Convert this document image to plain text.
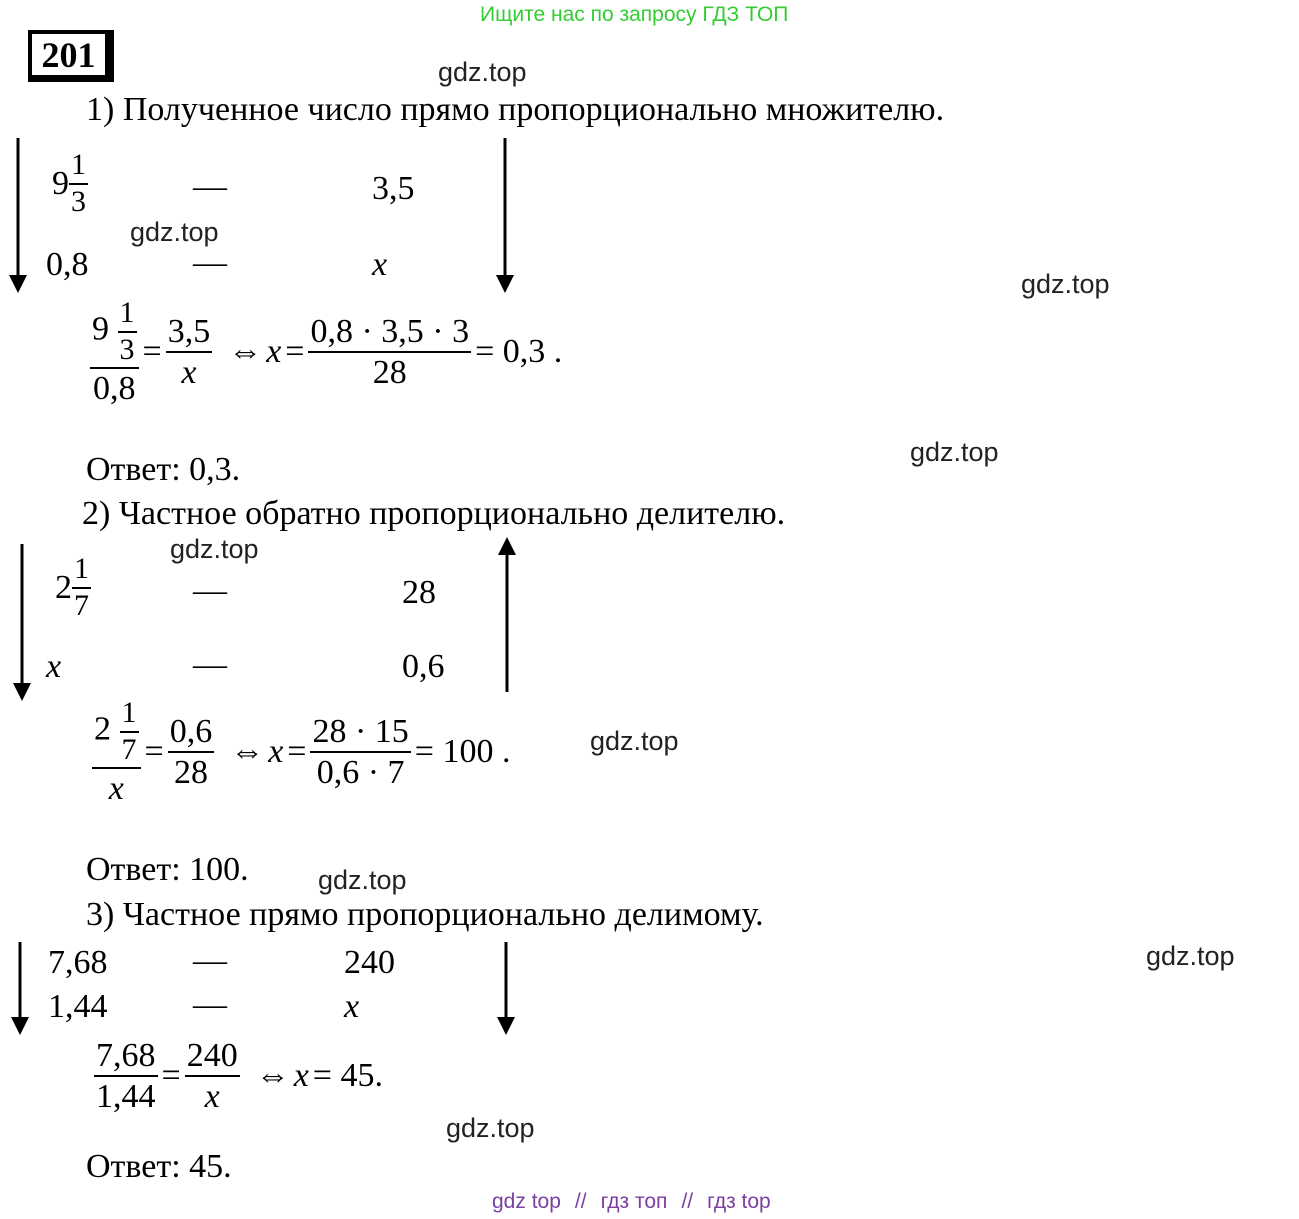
Ищите нас по запросу ГДЗ ТОП
201	gdz.top
gdz.top
gdz.top
gdz.top
gdz.top
gdz.top
gdz.top
gdz.top
gdz.top
1) Полученное число прямо пропорционально множителю.
$9 \frac{1}{3}$	—	3,5
0,8	—	x
$\frac{9 \frac{1}{3}}{0,8} = \frac{3,5}{x}$ ⇔ $x = \frac{0,8 \cdot 3,5 \cdot 3}{28} = 0,3$ .
Ответ: 0,3.
2) Частное обратно пропорционально делителю.
$2 \frac{1}{7}$	—	28
x	—	0,6
$\frac{2 \frac{1}{7}}{x} = \frac{0,6}{28}$ ⇔ $x = \frac{28 \cdot 15}{0,6 \cdot 7} = 100$ .
Ответ: 100.
3) Частное прямо пропорционально делимому.
7,68	—	240
1,44	—	x
$\frac{7,68}{1,44} = \frac{240}{x}$ ⇔ x = 45.
Ответ: 45.
gdz top // гдз топ // гдз top
